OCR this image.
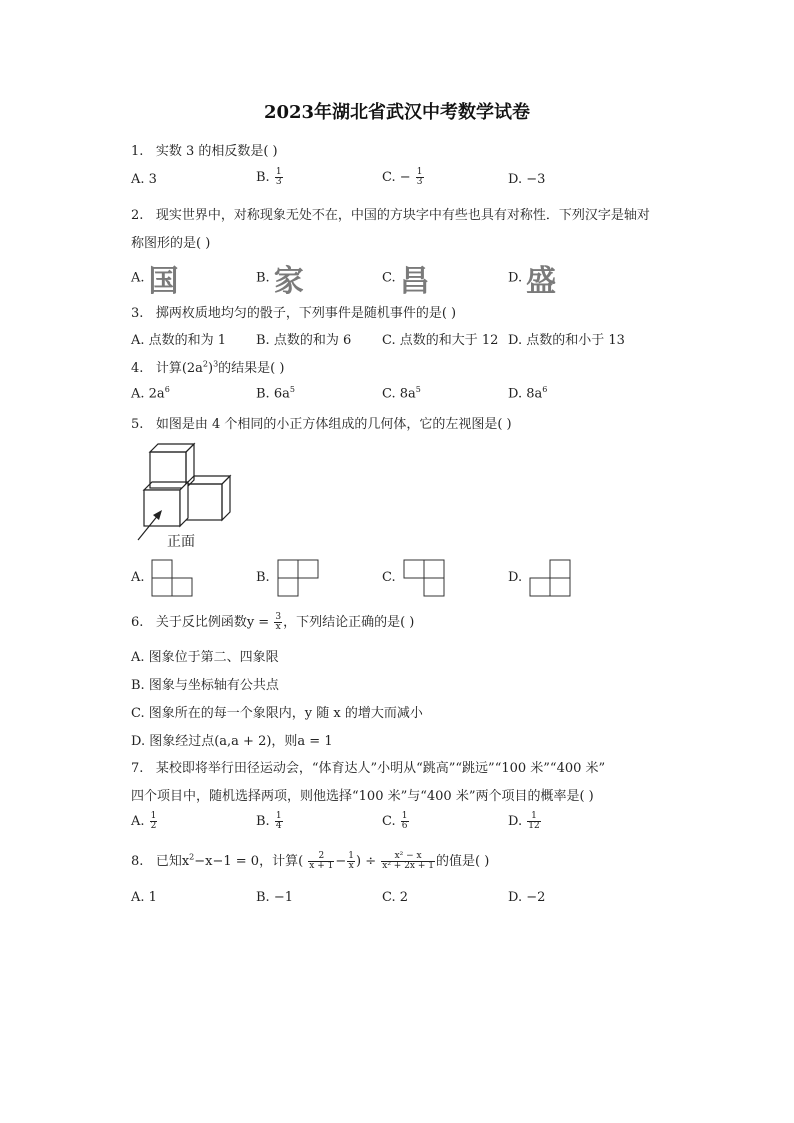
2023年湖北省武汉中考数学试卷
1. 实数 3 的相反数是( )
A. 3	B. $\frac{1}{3}$	C. − $\frac{1}{3}$	D. −3
2. 现实世界中，对称现象无处不在，中国的方块字中有些也具有对称性．下列汉字是轴对
称图形的是( )
A. 国	B. 家	C. 昌	D. 盛
3. 掷两枚质地均匀的骰子，下列事件是随机事件的是( )
A. 点数的和为 1 B. 点数的和为 6 C. 点数的和大于 12 D. 点数的和小于 13
4. 计算$(2a^2)^3$的结果是( )
A. $2a^6$	B. $6a^5$	C. $8a^5$	D. $8a^6$
5. 如图是由 4 个相同的小正方体组成的几何体，它的左视图是( )
正面
A.	B.	C.	D.
6. 关于反比例函数$y = \frac{3}{x}$ ，下列结论正确的是( )
A. 图象位于第二、四象限
B. 图象与坐标轴有公共点
C. 图象所在的每一个象限内，y 随 x 的增大而减小
D. 图象经过点(a,a + 2)，则a = 1
7. 某校即将举行田径运动会，“体育达人”小明从“跳高”“跳远”“100 米”“400 米”
四个项目中，随机选择两项，则他选择“100 米”与“400 米”两个项目的概率是( )
A. $\frac{1}{2}$	B. $\frac{1}{4}$	C. $\frac{1}{6}$	D. $\frac{1}{12}$
8. 已知$x^2-x-1 = 0$，计算( $\frac{2}{x + 1} - \frac{1}{x}$ ) ÷ $\frac{\text{x² − x}}{\text{x² + 2x + 1}}$ 的值是( )
A. 1	B. −1	C. 2	D. −2
